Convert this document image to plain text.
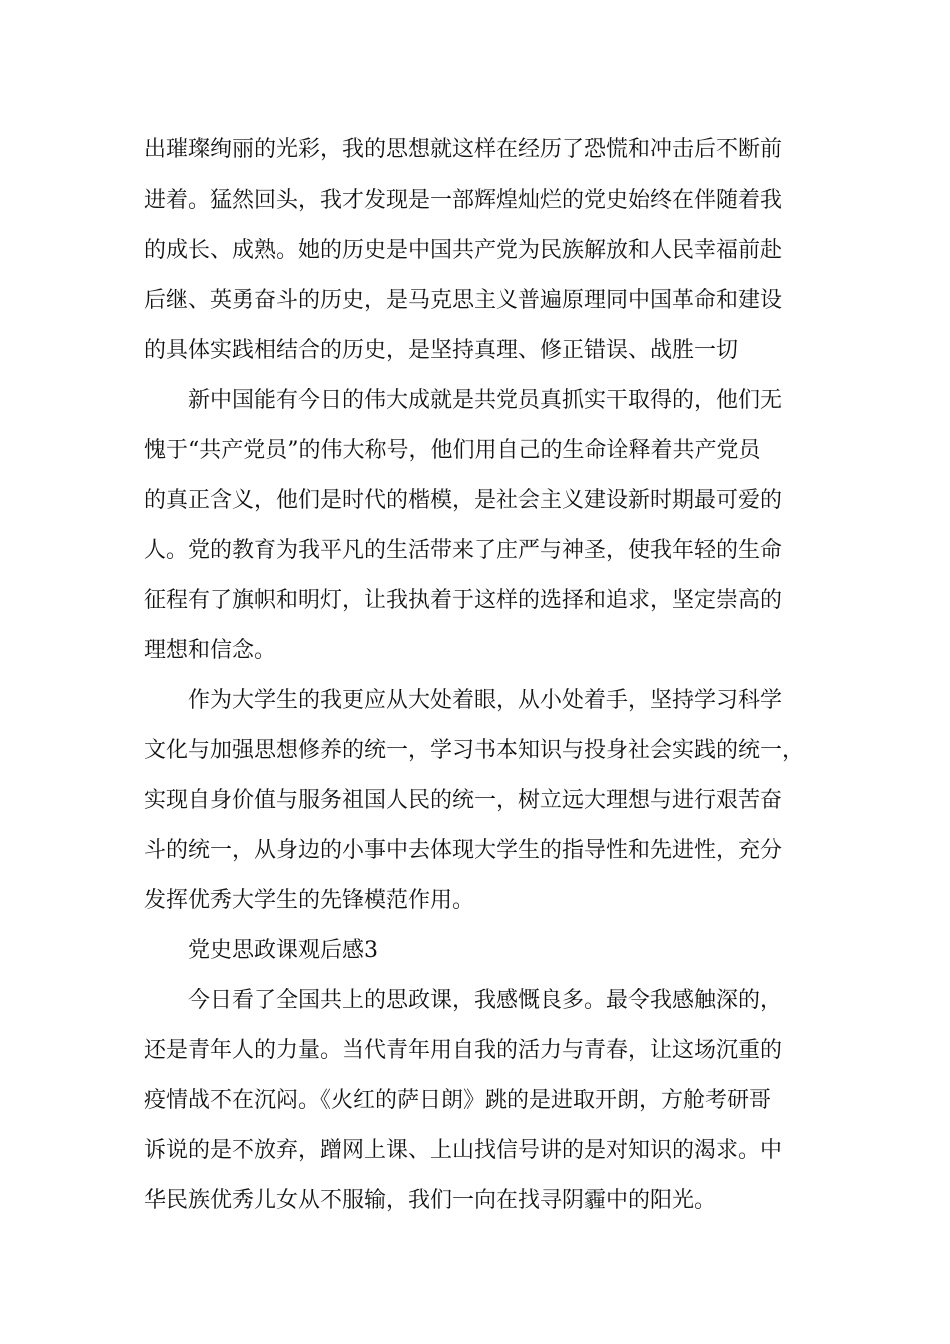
出璀璨绚丽的光彩，我的思想就这样在经历了恐慌和冲击后不断前

进着。猛然回头，我才发现是一部辉煌灿烂的党史始终在伴随着我

的成长、成熟。她的历史是中国共产党为民族解放和人民幸福前赴

后继、英勇奋斗的历史，是马克思主义普遍原理同中国革命和建设

的具体实践相结合的历史，是坚持真理、修正错误、战胜一切

新中国能有今日的伟大成就是共党员真抓实干取得的，他们无

愧于“共产党员”的伟大称号，他们用自己的生命诠释着共产党员

的真正含义，他们是时代的楷模，是社会主义建设新时期最可爱的

人。党的教育为我平凡的生活带来了庄严与神圣，使我年轻的生命

征程有了旗帜和明灯，让我执着于这样的选择和追求，坚定崇高的

理想和信念。

作为大学生的我更应从大处着眼，从小处着手，坚持学习科学

文化与加强思想修养的统一，学习书本知识与投身社会实践的统一，

实现自身价值与服务祖国人民的统一，树立远大理想与进行艰苦奋

斗的统一，从身边的小事中去体现大学生的指导性和先进性，充分

发挥优秀大学生的先锋模范作用。

党史思政课观后感3

今日看了全国共上的思政课，我感慨良多。最令我感触深的，

还是青年人的力量。当代青年用自我的活力与青春，让这场沉重的

疫情战不在沉闷。《火红的萨日朗》跳的是进取开朗，方舱考研哥

诉说的是不放弃，蹭网上课、上山找信号讲的是对知识的渴求。中

华民族优秀儿女从不服输，我们一向在找寻阴霾中的阳光。
